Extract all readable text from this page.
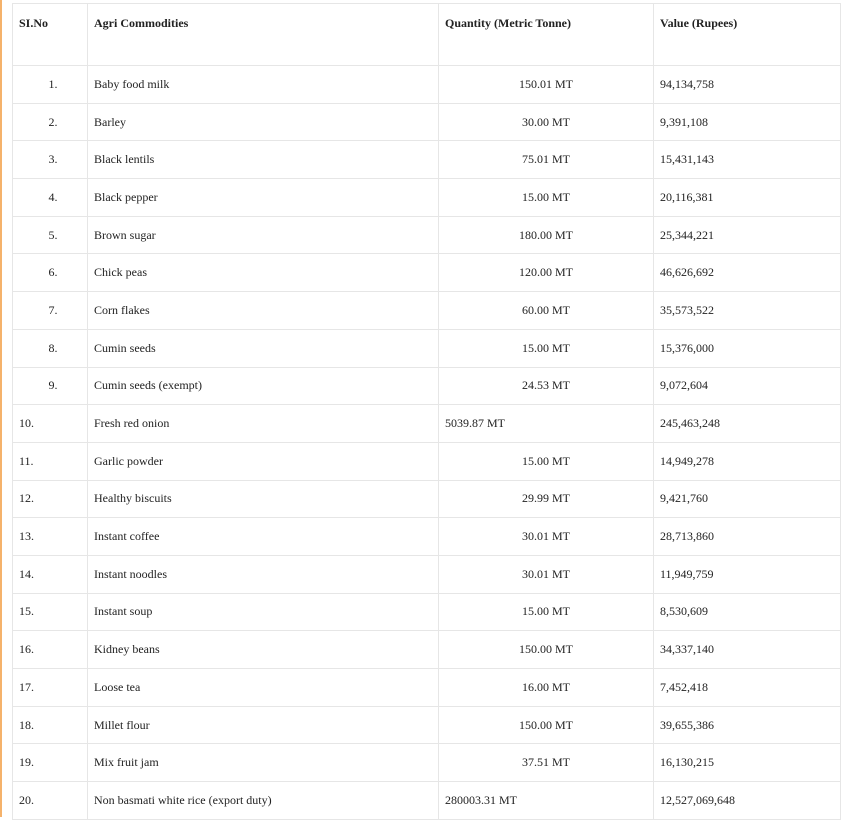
SI.No	Agri Commodities	Quantity (Metric Tonne)	Value (Rupees)
1.	Baby food milk	150.01 MT	94,134,758
2.	Barley	30.00 MT	9,391,108
3.	Black lentils	75.01 MT	15,431,143
4.	Black pepper	15.00 MT	20,116,381
5.	Brown sugar	180.00 MT	25,344,221
6.	Chick peas	120.00 MT	46,626,692
7.	Corn flakes	60.00 MT	35,573,522
8.	Cumin seeds	15.00 MT	15,376,000
9.	Cumin seeds (exempt)	24.53 MT	9,072,604
10.	Fresh red onion	5039.87 MT	245,463,248
11.	Garlic powder	15.00 MT	14,949,278
12.	Healthy biscuits	29.99 MT	9,421,760
13.	Instant coffee	30.01 MT	28,713,860
14.	Instant noodles	30.01 MT	11,949,759
15.	Instant soup	15.00 MT	8,530,609
16.	Kidney beans	150.00 MT	34,337,140
17.	Loose tea	16.00 MT	7,452,418
18.	Millet flour	150.00 MT	39,655,386
19.	Mix fruit jam	37.51 MT	16,130,215
20.	Non basmati white rice (export duty)	280003.31 MT	12,527,069,648
